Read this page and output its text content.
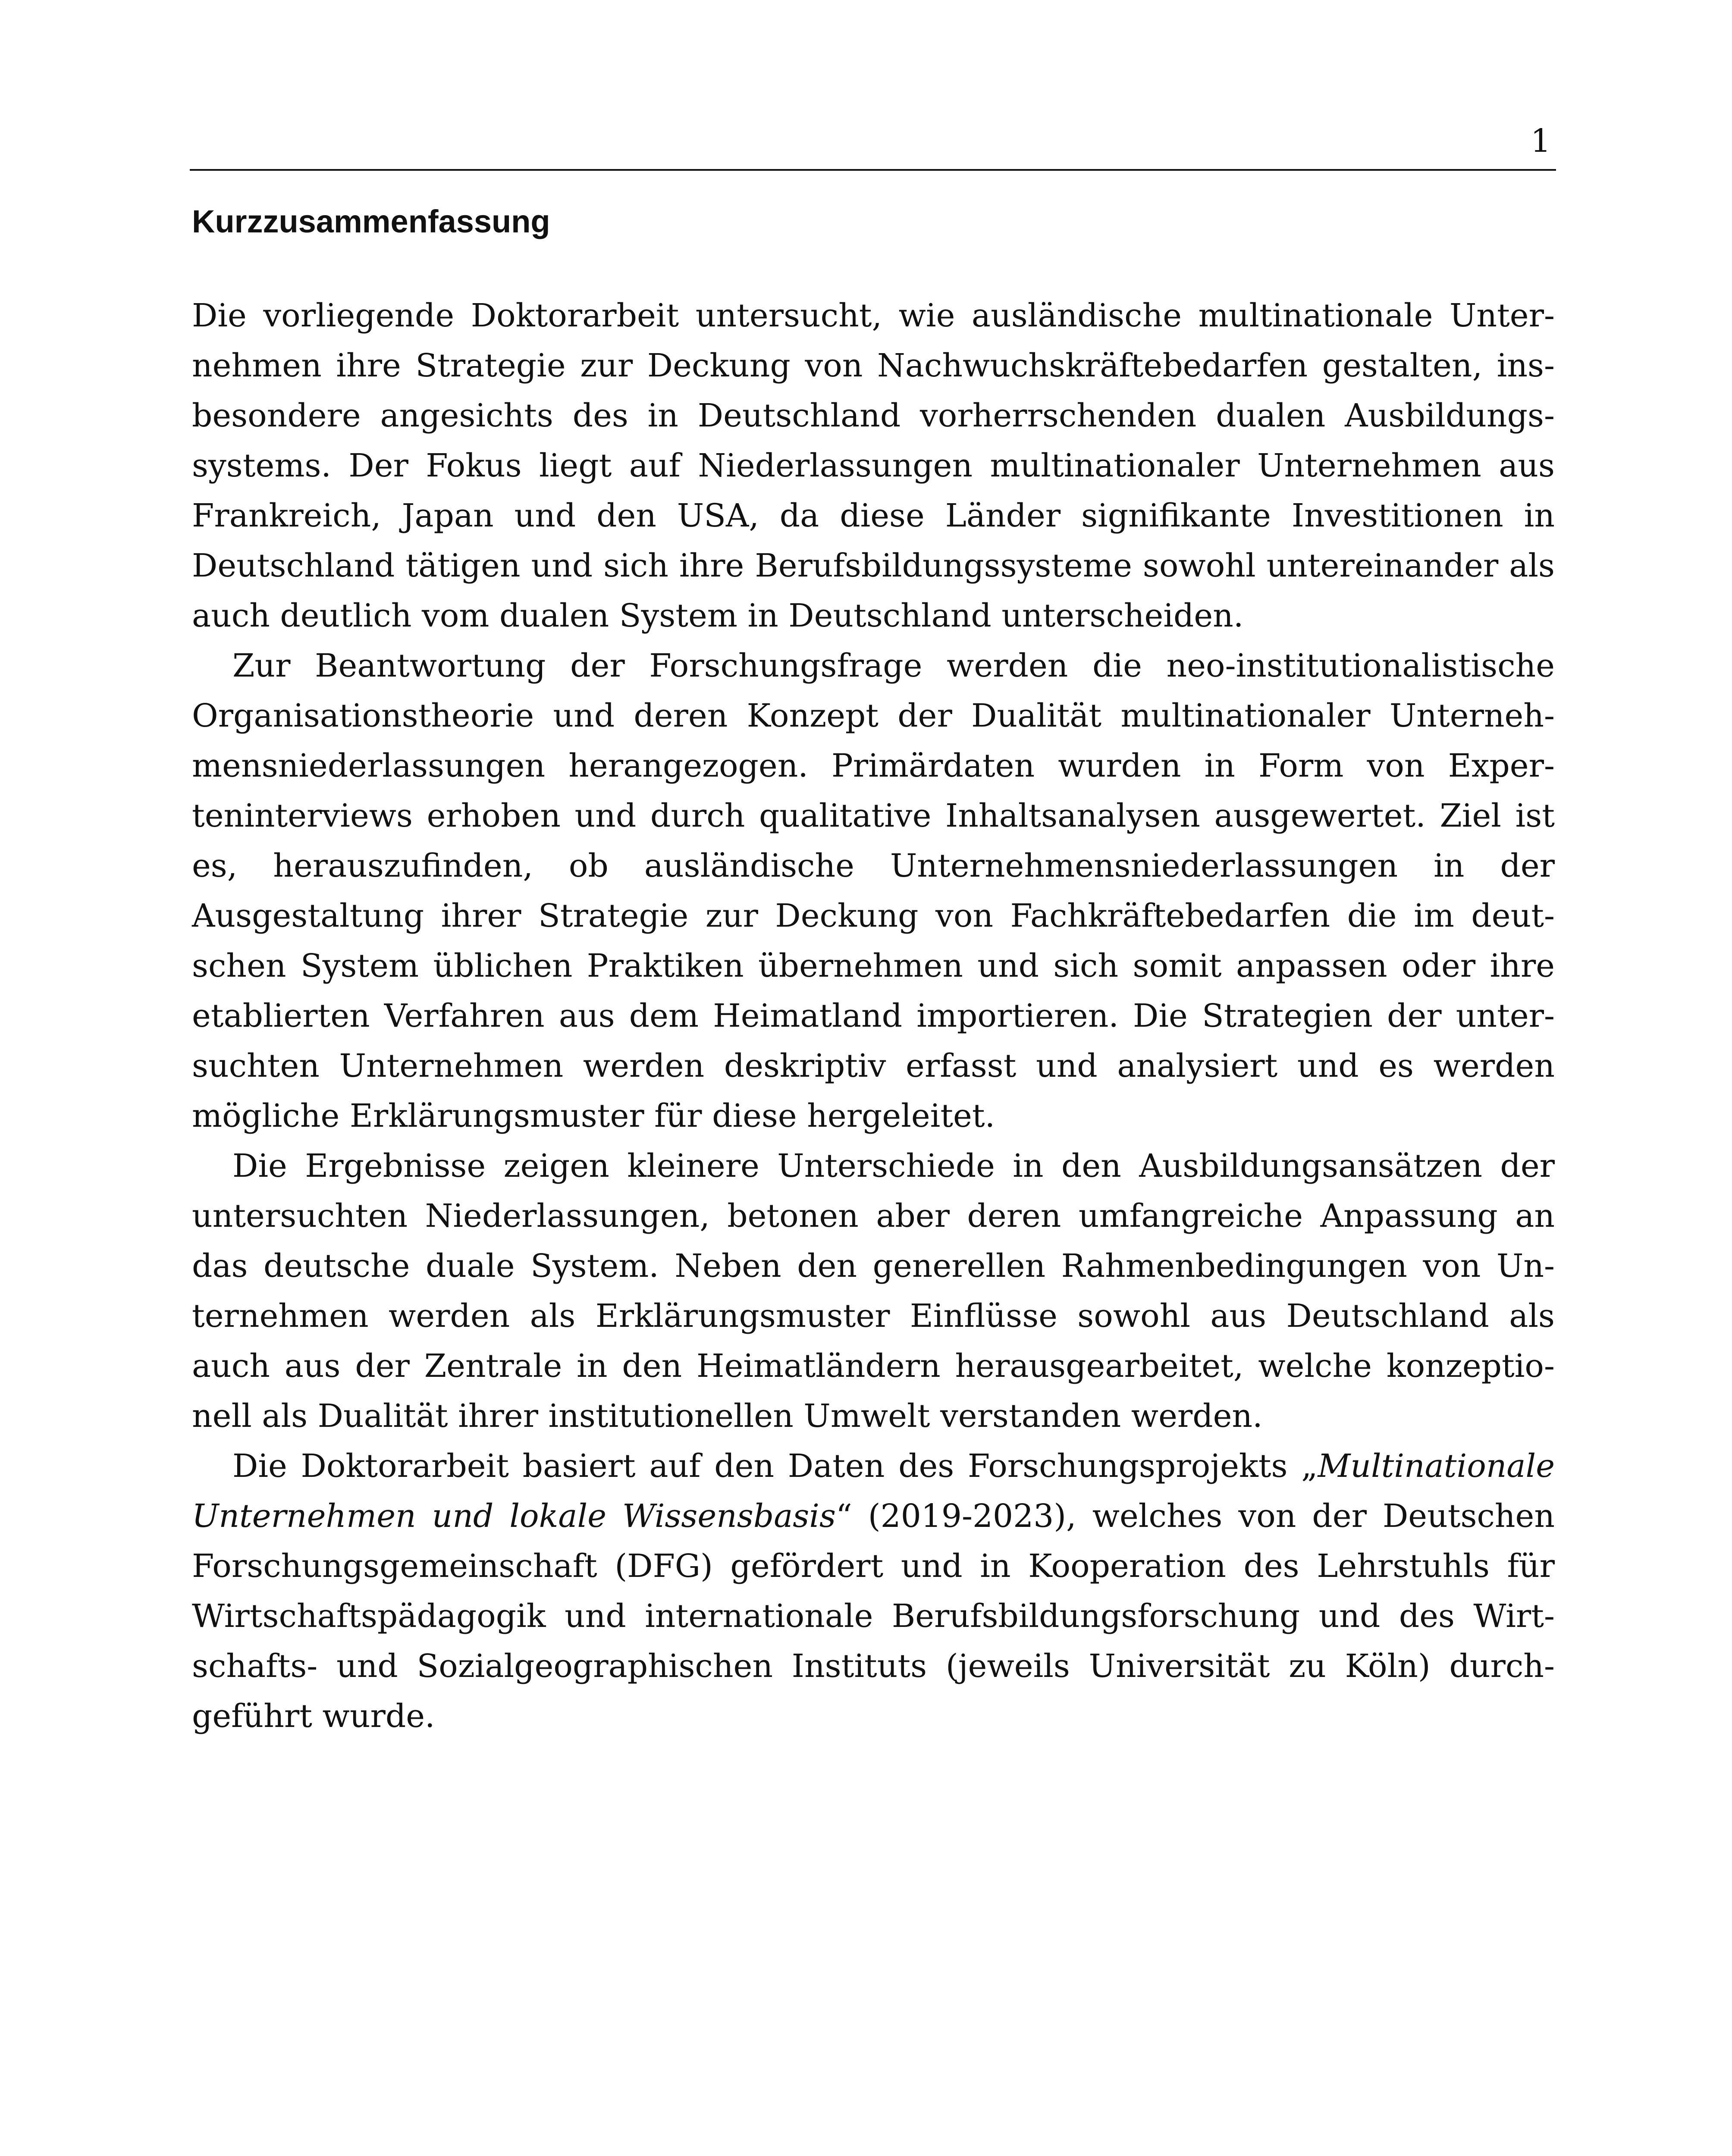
1
Kurzzusammenfassung

Die vorliegende Doktorarbeit untersucht, wie ausländische multinationale Unternehmen ihre Strategie zur Deckung von Nachwuchskräftebedarfen gestalten, insbesondere angesichts des in Deutschland vorherrschenden dualen Ausbildungssystems. Der Fokus liegt auf Niederlassungen multinationaler Unternehmen aus Frankreich, Japan und den USA, da diese Länder signifikante Investitionen in Deutschland tätigen und sich ihre Berufsbildungssysteme sowohl untereinander als auch deutlich vom dualen System in Deutschland unterscheiden.

Zur Beantwortung der Forschungsfrage werden die neo-institutionalistische Organisationstheorie und deren Konzept der Dualität multinationaler Unternehmensniederlassungen herangezogen. Primärdaten wurden in Form von Experteninterviews erhoben und durch qualitative Inhaltsanalysen ausgewertet. Ziel ist es, herauszufinden, ob ausländische Unternehmensniederlassungen in der Ausgestaltung ihrer Strategie zur Deckung von Fachkräftebedarfen die im deutschen System üblichen Praktiken übernehmen und sich somit anpassen oder ihre etablierten Verfahren aus dem Heimatland importieren. Die Strategien der untersuchten Unternehmen werden deskriptiv erfasst und analysiert und es werden mögliche Erklärungsmuster für diese hergeleitet.

Die Ergebnisse zeigen kleinere Unterschiede in den Ausbildungsansätzen der untersuchten Niederlassungen, betonen aber deren umfangreiche Anpassung an das deutsche duale System. Neben den generellen Rahmenbedingungen von Unternehmen werden als Erklärungsmuster Einflüsse sowohl aus Deutschland als auch aus der Zentrale in den Heimatländern herausgearbeitet, welche konzeptionell als Dualität ihrer institutionellen Umwelt verstanden werden.

Die Doktorarbeit basiert auf den Daten des Forschungsprojekts „Multinationale Unternehmen und lokale Wissensbasis“ (2019-2023), welches von der Deutschen Forschungsgemeinschaft (DFG) gefördert und in Kooperation des Lehrstuhls für Wirtschaftspädagogik und internationale Berufsbildungsforschung und des Wirtschafts- und Sozialgeographischen Instituts (jeweils Universität zu Köln) durchgeführt wurde.
